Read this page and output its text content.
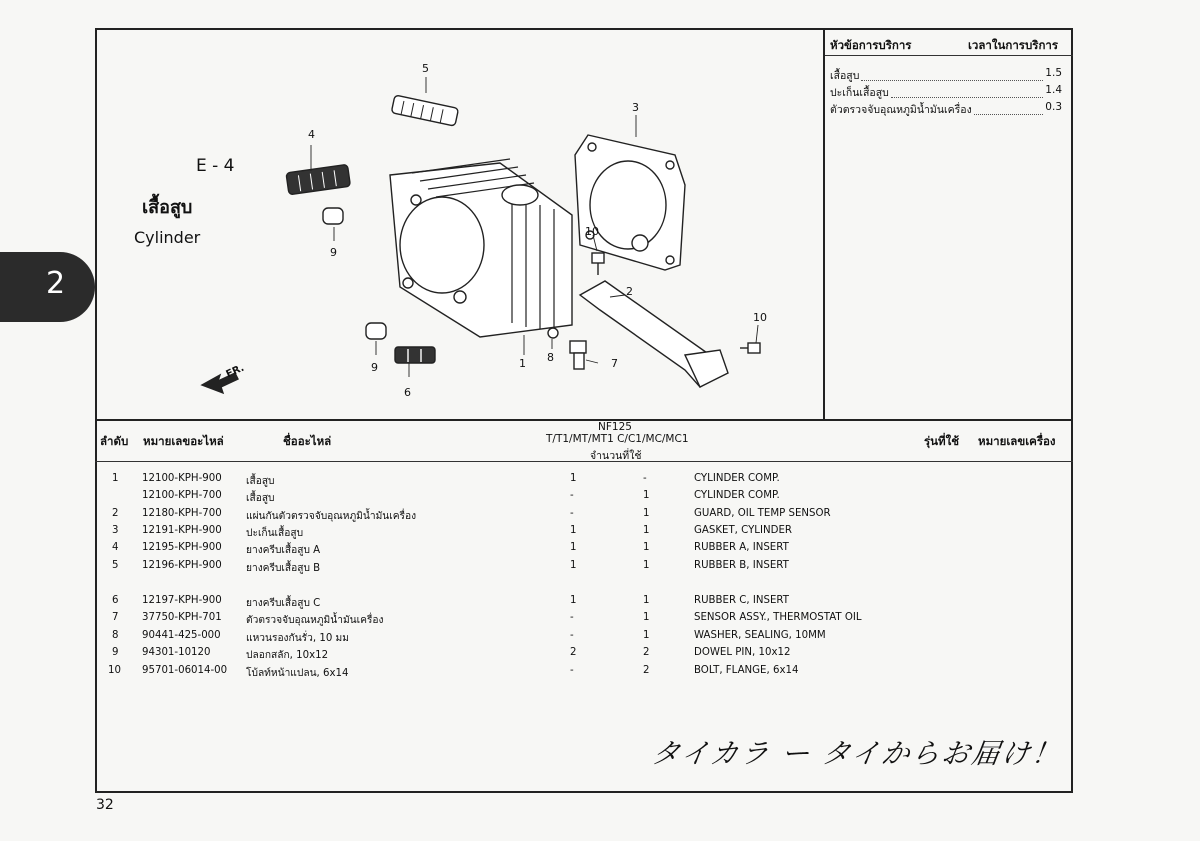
2
E - 4
เสื้อสูบ
Cylinder
หัวข้อการบริการ	เวลาในการบริการ
เสื้อสูบ	1.5
ปะเก็นเสื้อสูบ	1.4
ตัวตรวจจับอุณหภูมิน้ำมันเครื่อง	0.3
5
4
3
9
10
2
10
8	7
9	1
6
FR.
ลำดับ หมายเลขอะไหล่	ชื่ออะไหล่
NF125
T/T1/MT/MT1 C/C1/MC/MC1
จำนวนที่ใช้
รุ่นที่ใช้ หมายเลขเครื่อง
1 12100-KPH-900 เสื้อสูบ	1	-	CYLINDER COMP.
12100-KPH-700 เสื้อสูบ	-	1	CYLINDER COMP.
2 12180-KPH-700 แผ่นกันตัวตรวจจับอุณหภูมิน้ำมันเครื่อง	-	1	GUARD, OIL TEMP SENSOR
3 12191-KPH-900 ปะเก็นเสื้อสูบ	1	1	GASKET, CYLINDER
4 12195-KPH-900 ยางครีบเสื้อสูบ A	1	1	RUBBER A, INSERT
5 12196-KPH-900 ยางครีบเสื้อสูบ B	1	1	RUBBER B, INSERT
6 12197-KPH-900 ยางครีบเสื้อสูบ C	1	1	RUBBER C, INSERT
7 37750-KPH-701 ตัวตรวจจับอุณหภูมิน้ำมันเครื่อง	-	1	SENSOR ASSY., THERMOSTAT OIL
8 90441-425-000 แหวนรองกันรั่ว, 10 มม	-	1	WASHER, SEALING, 10MM
9 94301-10120	ปลอกสลัก, 10x12	2	2	DOWEL PIN, 10x12
10 95701-06014-00 โบ้ลท์หน้าแปลน, 6x14	-	2	BOLT, FLANGE, 6x14
タイカラ ー タイからお届け！
32
